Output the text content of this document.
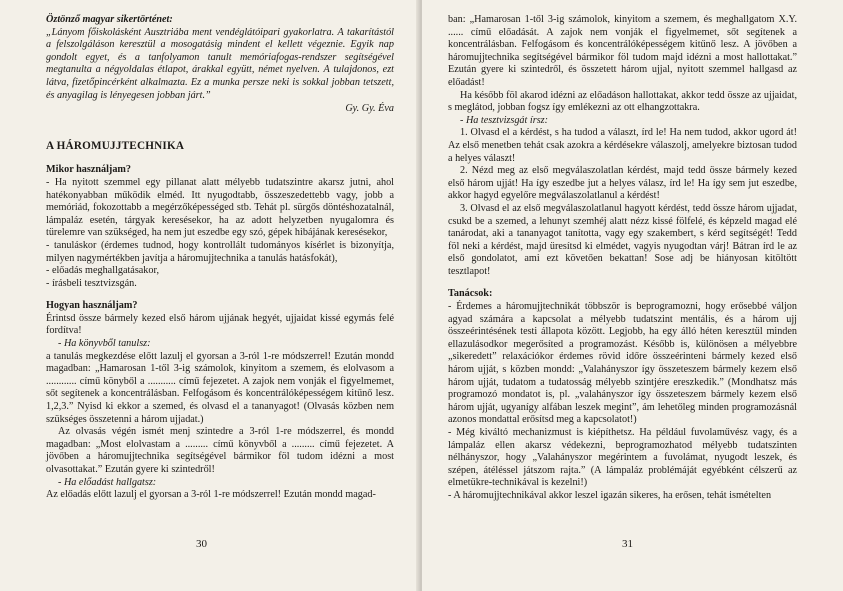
Öztönző magyar sikertörténet:

„Lányom főiskolásként Ausztriába ment vendéglátóipari gyakorlatra. A takarítástól a felszolgáláson keresztül a mosogatásig mindent el kellett végeznie. Egyik nap gondolt egyet, és a tanfolyamon tanult memóriafogas-rendszer segítségével megtanulta a négyoldalas étlapot, árakkal együtt, német nyelven. A tulajdonos, ezt látva, fizetőpincérként alkalmazta. Ez a munka persze neki is sokkal jobban tetszett, és anyagilag is lényegesen jobban járt.”

Gy. Gy. Éva

A HÁROMUJJTECHNIKA

Mikor használjam?

- Ha nyitott szemmel egy pillanat alatt mélyebb tudatszintre akarsz jutni, ahol hatékonyabban működik elméd. Itt nyugodtabb, összeszedettebb vagy, jobb a memóriád, fokozottabb a megérzőképességed stb. Tehát pl. sürgős döntéshozatalnál, lámpaláz esetén, tárgyak keresésekor, ha az adott helyzetben nyugalomra és türelemre van szükséged, ha nem jut eszedbe egy szó, gépek hibájának keresésekor,

- tanuláskor (érdemes tudnod, hogy kontrollált tudományos kísérlet is bizonyítja, milyen nagymértékben javítja a háromujjtechnika a tanulás hatásfokát),

- előadás meghallgatásakor,

- írásbeli tesztvizsgán.

Hogyan használjam?

Érintsd össze bármely kezed első három ujjának hegyét, ujjaidat kissé egymás felé fordítva!

- Ha könyvből tanulsz:

a tanulás megkezdése előtt lazulj el gyorsan a 3-ról 1-re módszerrel! Ezután mondd magadban: „Hamarosan 1-től 3-ig számolok, kinyitom a szemem, és elolvasom a ............ című könyből a ........... című fejezetet. A zajok nem vonják el figyelmemet, sőt segítenek a koncentrálásban. Felfogásom és koncentrálóképességem kitűnő lesz. 1,2,3.” Nyisd ki ekkor a szemed, és olvasd el a tananyagot! (Olvasás közben nem szükséges összetenni a három ujjadat.)

Az olvasás végén ismét menj szintedre a 3-ról 1-re módszerrel, és mondd magadban: „Most elolvastam a ......... című könyvből a ......... című fejezetet. A jövőben a háromujjtechnika segítségével bármikor föl tudom idézni a most olvasottakat.” Ezután gyere ki szintedről!

- Ha előadást hallgatsz:

Az előadás előtt lazulj el gyorsan a 3-ról 1-re módszerrel! Ezután mondd magad-

30

ban: „Hamarosan 1-től 3-ig számolok, kinyitom a szemem, és meghallgatom X.Y. ...... című előadását. A zajok nem vonják el figyelmemet, sőt segítenek a koncentrálásban. Felfogásom és koncentrálóképességem kitűnő lesz. A jövőben a háromujjtechnika segítségével bármikor föl tudom majd idézni a most hallottakat.” Ezután gyere ki szintedről, és összetett három ujjal, nyitott szemmel hallgasd az előadást!

Ha később föl akarod idézni az előadáson hallottakat, akkor tedd össze az ujjaidat, s meglátod, jobban fogsz így emlékezni az ott elhangzottakra.

- Ha tesztvizsgát írsz:

1. Olvasd el a kérdést, s ha tudod a választ, írd le! Ha nem tudod, akkor ugord át! Az első menetben tehát csak azokra a kérdésekre válaszolj, amelyekre biztosan tudod a helyes választ!

2. Nézd meg az első megválaszolatlan kérdést, majd tedd össze bármely kezed első három ujját! Ha így eszedbe jut a helyes válasz, írd le! Ha így sem jut eszedbe, akkor hagyd egyelőre megválaszolatlanul a kérdést!

3. Olvasd el az első megválaszolatlanul hagyott kérdést, tedd össze három ujjadat, csukd be a szemed, a lehunyt szemhéj alatt nézz kissé fölfelé, és képzeld magad elé tanárodat, aki a tananyagot tanította, vagy egy szakembert, s kérd segítségét! Tedd föl neki a kérdést, majd üresítsd ki elmédet, vagyis nyugodtan várj! Bátran írd le az első gondolatot, ami ezt követően bekattan! Sose adj be hiányosan kitöltött tesztlapot!

Tanácsok:

- Érdemes a háromujjtechnikát többször is beprogramozni, hogy erősebbé váljon agyad számára a kapcsolat a mélyebb tudatszint mentális, és a három ujj összeérintésének testi állapota között. Legjobb, ha egy álló héten keresztül minden ellazulásodkor megerősíted a programozást. Később is, különösen a mélyebbre „sikeredett” relaxációkor érdemes rövid időre összeérinteni bármely kezed első három ujját, s közben mondd: „Valahányszor így összeteszem bármely kezem első három ujját, tudatom a tudatosság mélyebb szintjére ereszkedik.” (Mondhatsz más programozó mondatot is, pl. „valahányszor így összeteszem bármely kezem első három ujját, ugyanígy alfában leszek megint”, ám lehetőleg minden programozásnál azonos mondattal erősítsd meg a kapcsolatot!)

- Még kiváltó mechanizmust is kiépíthetsz. Ha például fuvolaművész vagy, és a lámpaláz ellen akarsz védekezni, beprogramozhatod mélyebb tudatszinten nélhányszor, hogy „Valahányszor megérintem a fuvolámat, nyugodt leszek, és szépen, átéléssel játszom rajta.” (A lámpaláz problémáját egyébként célszerű az elmetükre-technikával is kezelni!)

- A háromujjtechnikával akkor leszel igazán sikeres, ha erősen, tehát ismételten

31
